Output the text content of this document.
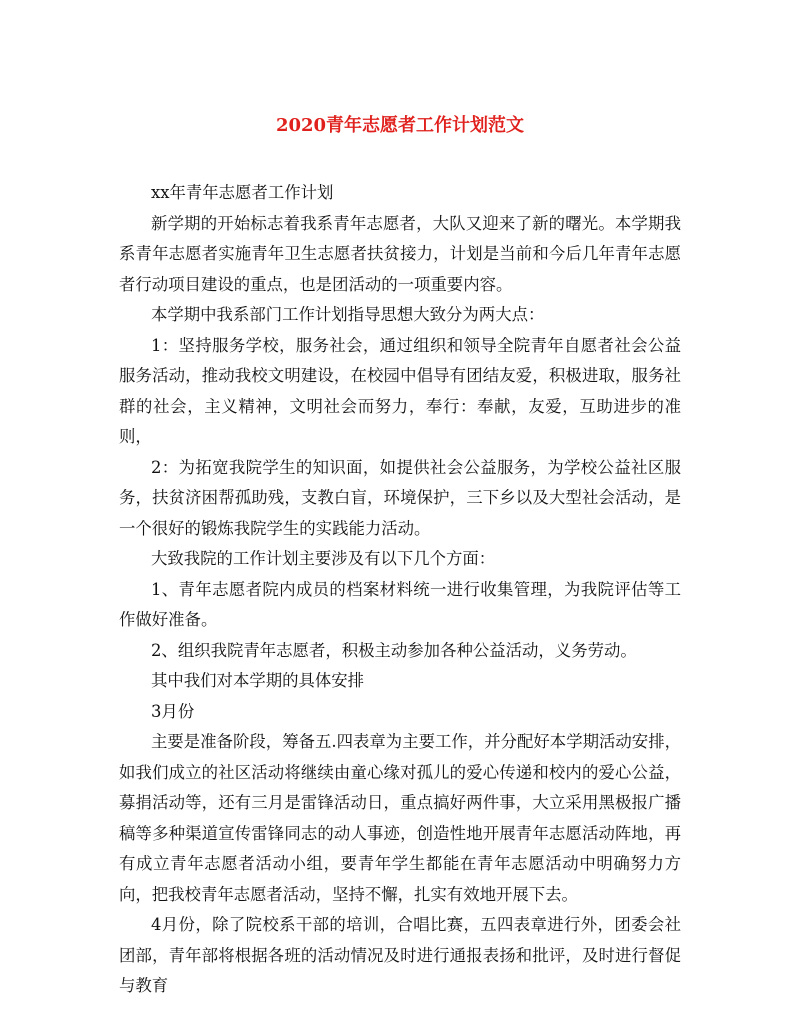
2020青年志愿者工作计划范文

xx年青年志愿者工作计划

新学期的开始标志着我系青年志愿者，大队又迎来了新的曙光。本学期我系青年志愿者实施青年卫生志愿者扶贫接力，计划是当前和今后几年青年志愿者行动项目建设的重点，也是团活动的一项重要内容。

本学期中我系部门工作计划指导思想大致分为两大点：

1：坚持服务学校，服务社会，通过组织和领导全院青年自愿者社会公益服务活动，推动我校文明建设，在校园中倡导有团结友爱，积极进取，服务社群的社会，主义精神，文明社会而努力，奉行：奉献，友爱，互助进步的准则，

2：为拓宽我院学生的知识面，如提供社会公益服务，为学校公益社区服务，扶贫济困帮孤助残，支教白盲，环境保护，三下乡以及大型社会活动，是一个很好的锻炼我院学生的实践能力活动。

大致我院的工作计划主要涉及有以下几个方面：

1、青年志愿者院内成员的档案材料统一进行收集管理，为我院评估等工作做好准备。

2、组织我院青年志愿者，积极主动参加各种公益活动，义务劳动。

其中我们对本学期的具体安排

3月份

主要是准备阶段，筹备五.四表章为主要工作，并分配好本学期活动安排，如我们成立的社区活动将继续由童心缘对孤儿的爱心传递和校内的爱心公益，募捐活动等，还有三月是雷锋活动日，重点搞好两件事，大立采用黑极报广播稿等多种渠道宣传雷锋同志的动人事迹，创造性地开展青年志愿活动阵地，再有成立青年志愿者活动小组，要青年学生都能在青年志愿活动中明确努力方向，把我校青年志愿者活动，坚持不懈，扎实有效地开展下去。

4月份，除了院校系干部的培训，合唱比赛，五四表章进行外，团委会社团部，青年部将根据各班的活动情况及时进行通报表扬和批评，及时进行督促与教育
